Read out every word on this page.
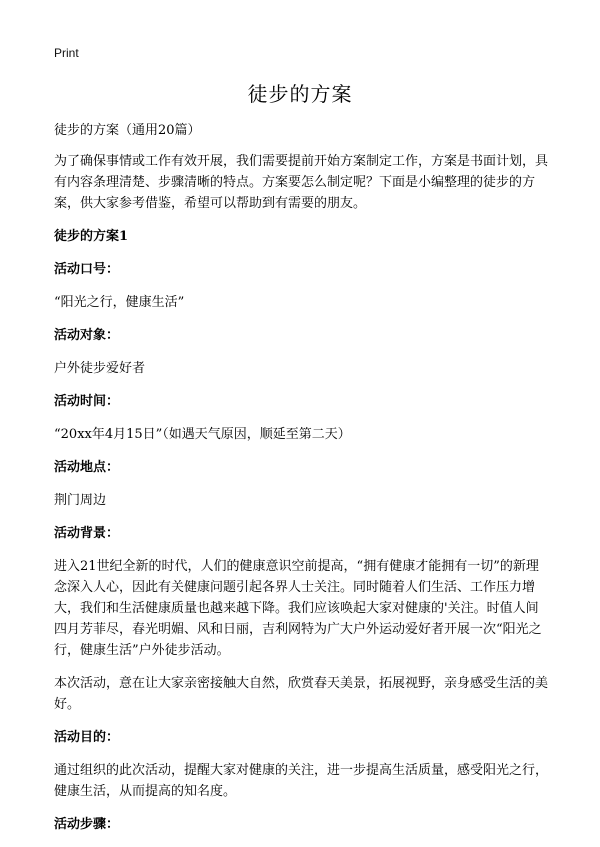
Print
徒步的方案

徒步的方案（通用20篇）

为了确保事情或工作有效开展，我们需要提前开始方案制定工作，方案是书面计划，具有内容条理清楚、步骤清晰的特点。方案要怎么制定呢？下面是小编整理的徒步的方案，供大家参考借鉴，希望可以帮助到有需要的朋友。

徒步的方案1

活动口号：

“阳光之行，健康生活”

活动对象：

户外徒步爱好者

活动时间：

“20xx年4月15日”（如遇天气原因，顺延至第二天）

活动地点：

荆门周边

活动背景：

进入21世纪全新的时代，人们的健康意识空前提高，“拥有健康才能拥有一切”的新理念深入人心，因此有关健康问题引起各界人士关注。同时随着人们生活、工作压力增大，我们和生活健康质量也越来越下降。我们应该唤起大家对健康的'关注。时值人间四月芳菲尽，春光明媚、风和日丽，吉利网特为广大户外运动爱好者开展一次“阳光之行，健康生活”户外徒步活动。

本次活动，意在让大家亲密接触大自然，欣赏春天美景，拓展视野，亲身感受生活的美好。

活动目的：

通过组织的此次活动，提醒大家对健康的关注，进一步提高生活质量，感受阳光之行，健康生活，从而提高的知名度。

活动步骤：
